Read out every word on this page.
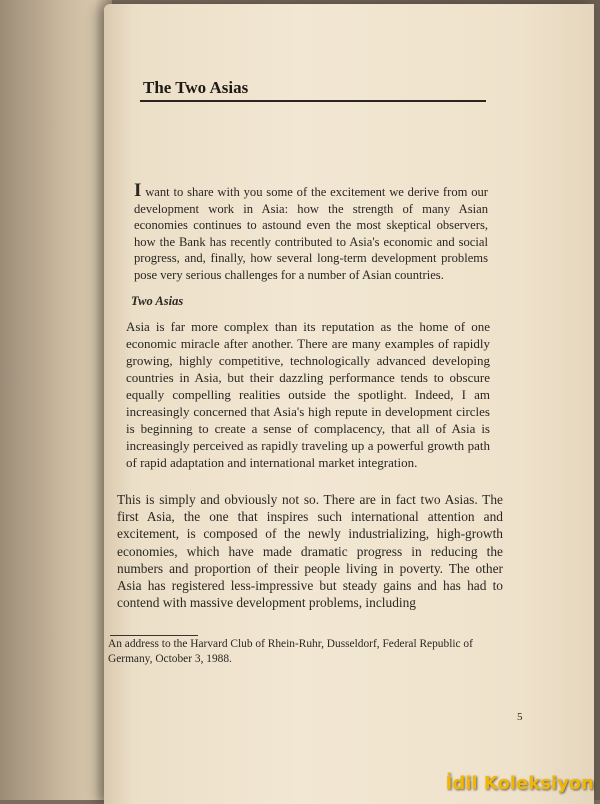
The Two Asias

I want to share with you some of the excitement we derive from our development work in Asia: how the strength of many Asian economies continues to astound even the most skeptical observers, how the Bank has recently contributed to Asia's economic and social progress, and, finally, how several long-term development problems pose very serious challenges for a number of Asian countries.

Two Asias

Asia is far more complex than its reputation as the home of one economic miracle after another. There are many examples of rapidly growing, highly competitive, technologically advanced developing countries in Asia, but their dazzling performance tends to obscure equally compelling realities outside the spotlight. Indeed, I am increasingly concerned that Asia's high repute in development circles is beginning to create a sense of complacency, that all of Asia is increasingly perceived as rapidly traveling up a powerful growth path of rapid adaptation and international market integration.

This is simply and obviously not so. There are in fact two Asias. The first Asia, the one that inspires such international attention and excitement, is composed of the newly industrializing, high-growth economies, which have made dramatic progress in reducing the numbers and proportion of their people living in poverty. The other Asia has registered less-impressive but steady gains and has had to contend with massive development problems, including

An address to the Harvard Club of Rhein-Ruhr, Dusseldorf, Federal Republic of Germany, October 3, 1988.

5
İdil Koleksiyon
